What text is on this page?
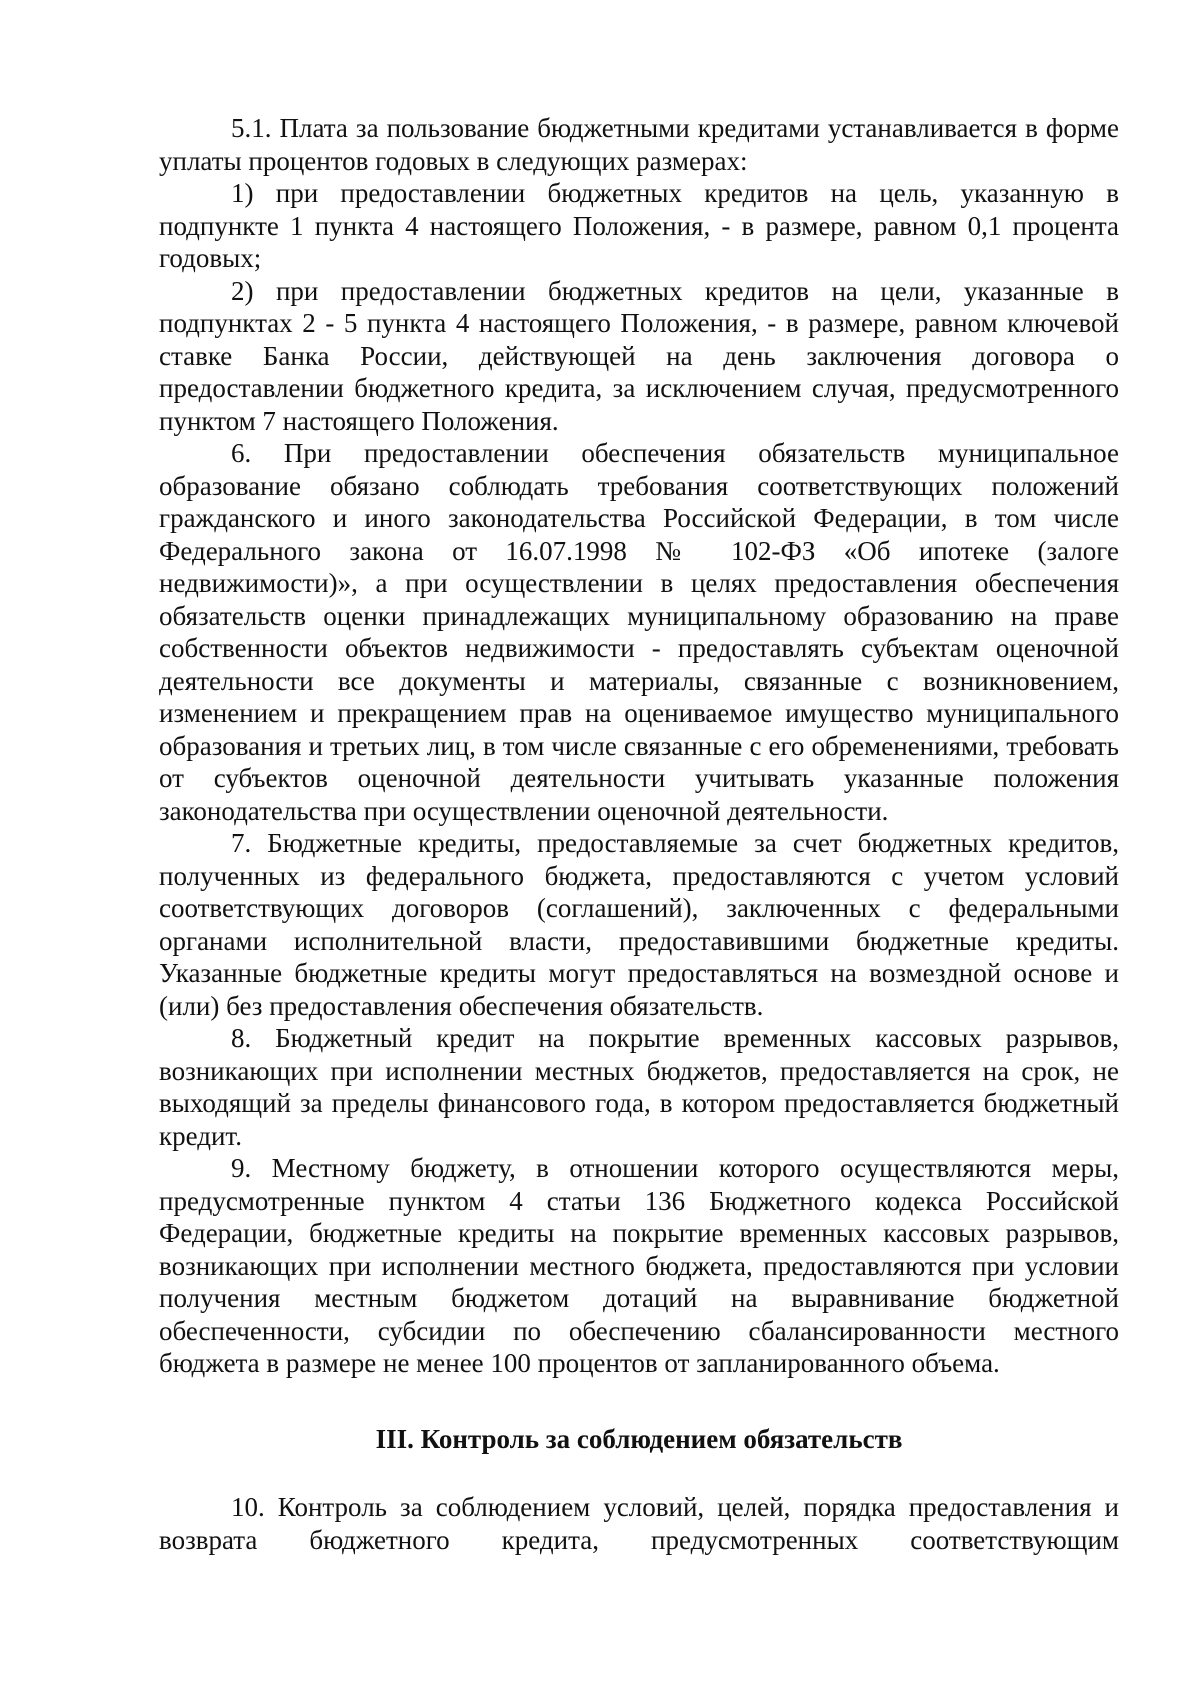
5.1. Плата за пользование бюджетными кредитами устанавливается в форме уплаты процентов годовых в следующих размерах:

1) при предоставлении бюджетных кредитов на цель, указанную в подпункте 1 пункта 4 настоящего Положения, - в размере, равном 0,1 процента годовых;

2) при предоставлении бюджетных кредитов на цели, указанные в подпунктах 2 - 5 пункта 4 настоящего Положения, - в размере, равном ключевой ставке Банка России, действующей на день заключения договора о предоставлении бюджетного кредита, за исключением случая, предусмотренного пунктом 7 настоящего Положения.

6. При предоставлении обеспечения обязательств муниципальное образование обязано соблюдать требования соответствующих положений гражданского и иного законодательства Российской Федерации, в том числе Федерального закона от 16.07.1998 № 102-ФЗ «Об ипотеке (залоге недвижимости)», а при осуществлении в целях предоставления обеспечения обязательств оценки принадлежащих муниципальному образованию на праве собственности объектов недвижимости - предоставлять субъектам оценочной деятельности все документы и материалы, связанные с возникновением, изменением и прекращением прав на оцениваемое имущество муниципального образования и третьих лиц, в том числе связанные с его обременениями, требовать от субъектов оценочной деятельности учитывать указанные положения законодательства при осуществлении оценочной деятельности.

7. Бюджетные кредиты, предоставляемые за счет бюджетных кредитов, полученных из федерального бюджета, предоставляются с учетом условий соответствующих договоров (соглашений), заключенных с федеральными органами исполнительной власти, предоставившими бюджетные кредиты. Указанные бюджетные кредиты могут предоставляться на возмездной основе и (или) без предоставления обеспечения обязательств.

8. Бюджетный кредит на покрытие временных кассовых разрывов, возникающих при исполнении местных бюджетов, предоставляется на срок, не выходящий за пределы финансового года, в котором предоставляется бюджетный кредит.

9. Местному бюджету, в отношении которого осуществляются меры, предусмотренные пунктом 4 статьи 136 Бюджетного кодекса Российской Федерации, бюджетные кредиты на покрытие временных кассовых разрывов, возникающих при исполнении местного бюджета, предоставляются при условии получения местным бюджетом дотаций на выравнивание бюджетной обеспеченности, субсидии по обеспечению сбалансированности местного бюджета в размере не менее 100 процентов от запланированного объема.

III. Контроль за соблюдением обязательств

10. Контроль за соблюдением условий, целей, порядка предоставления и возврата бюджетного кредита, предусмотренных соответствующим
